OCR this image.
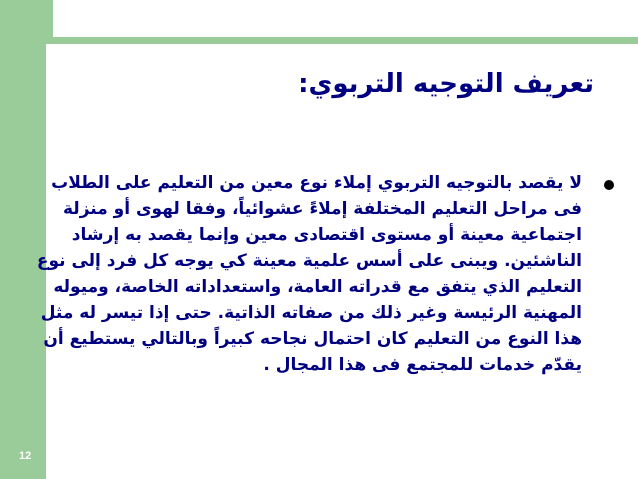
تعريف التوجيه التربوي:
لا يقصد بالتوجيه التربوي إملاء نوع معين من التعليم على الطلاب
فى مراحل التعليم المختلفة إملاءً عشوائياً، وفقا لهوى أو منزلة
اجتماعية معينة أو مستوى اقتصادى معين وإنما يقصد به إرشاد
الناشئين. ويبنى على أسس علمية معينة كي يوجه كل فرد إلى نوع
التعليم الذي يتفق مع قدراته العامة، واستعداداته الخاصة، وميوله
المهنية الرئيسة وغير ذلك من صفاته الذاتية. حتى إذا تيسر له مثل
هذا النوع من التعليم كان احتمال نجاحه كبيراً وبالتالي يستطيع أن
يقدّم خدمات للمجتمع فى هذا المجال .
12
